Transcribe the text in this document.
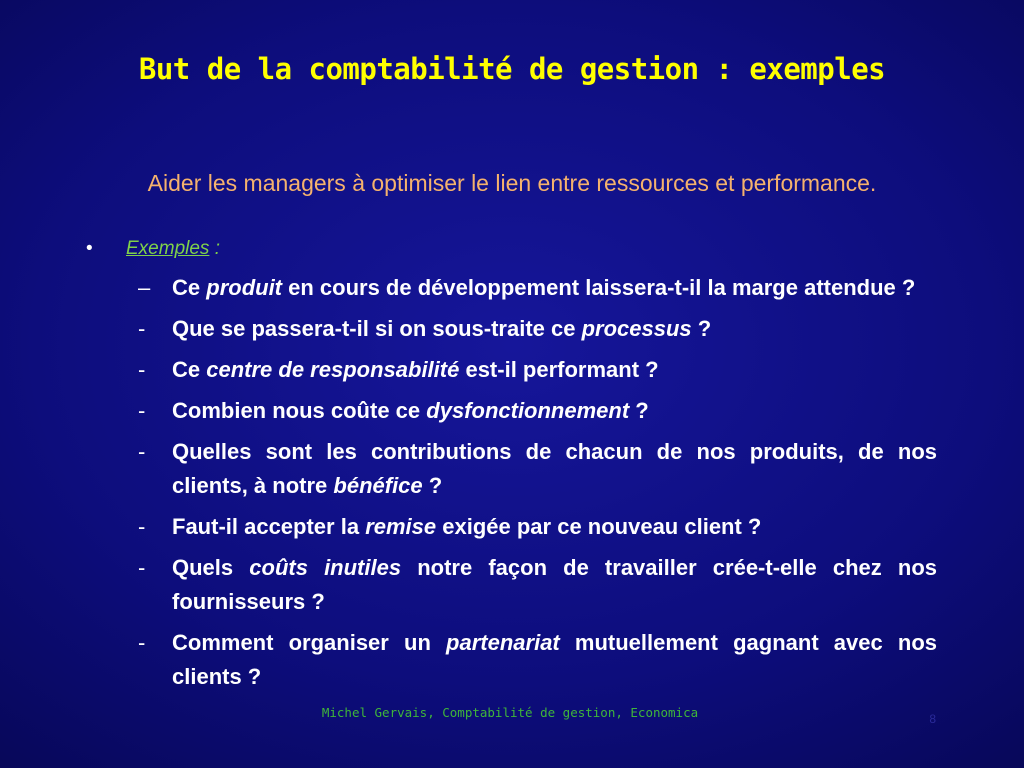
But de la comptabilité de gestion : exemples
Aider les managers à optimiser le lien entre ressources et performance.
•	Exemples :
– Ce produit en cours de développement laissera-t-il la marge attendue ?
-	Que se passera-t-il si on sous-traite ce processus ?
-	Ce centre de responsabilité est-il performant ?
-	Combien nous coûte ce dysfonctionnement ?
-	Quelles sont les contributions de chacun de nos produits, de nos clients, à notre bénéfice ?
-	Faut-il accepter la remise exigée par ce nouveau client ?
-	Quels coûts inutiles notre façon de travailler crée-t-elle chez nos fournisseurs ?
-	Comment organiser un partenariat mutuellement gagnant avec nos clients ?
Michel Gervais, Comptabilité de gestion, Economica	8
